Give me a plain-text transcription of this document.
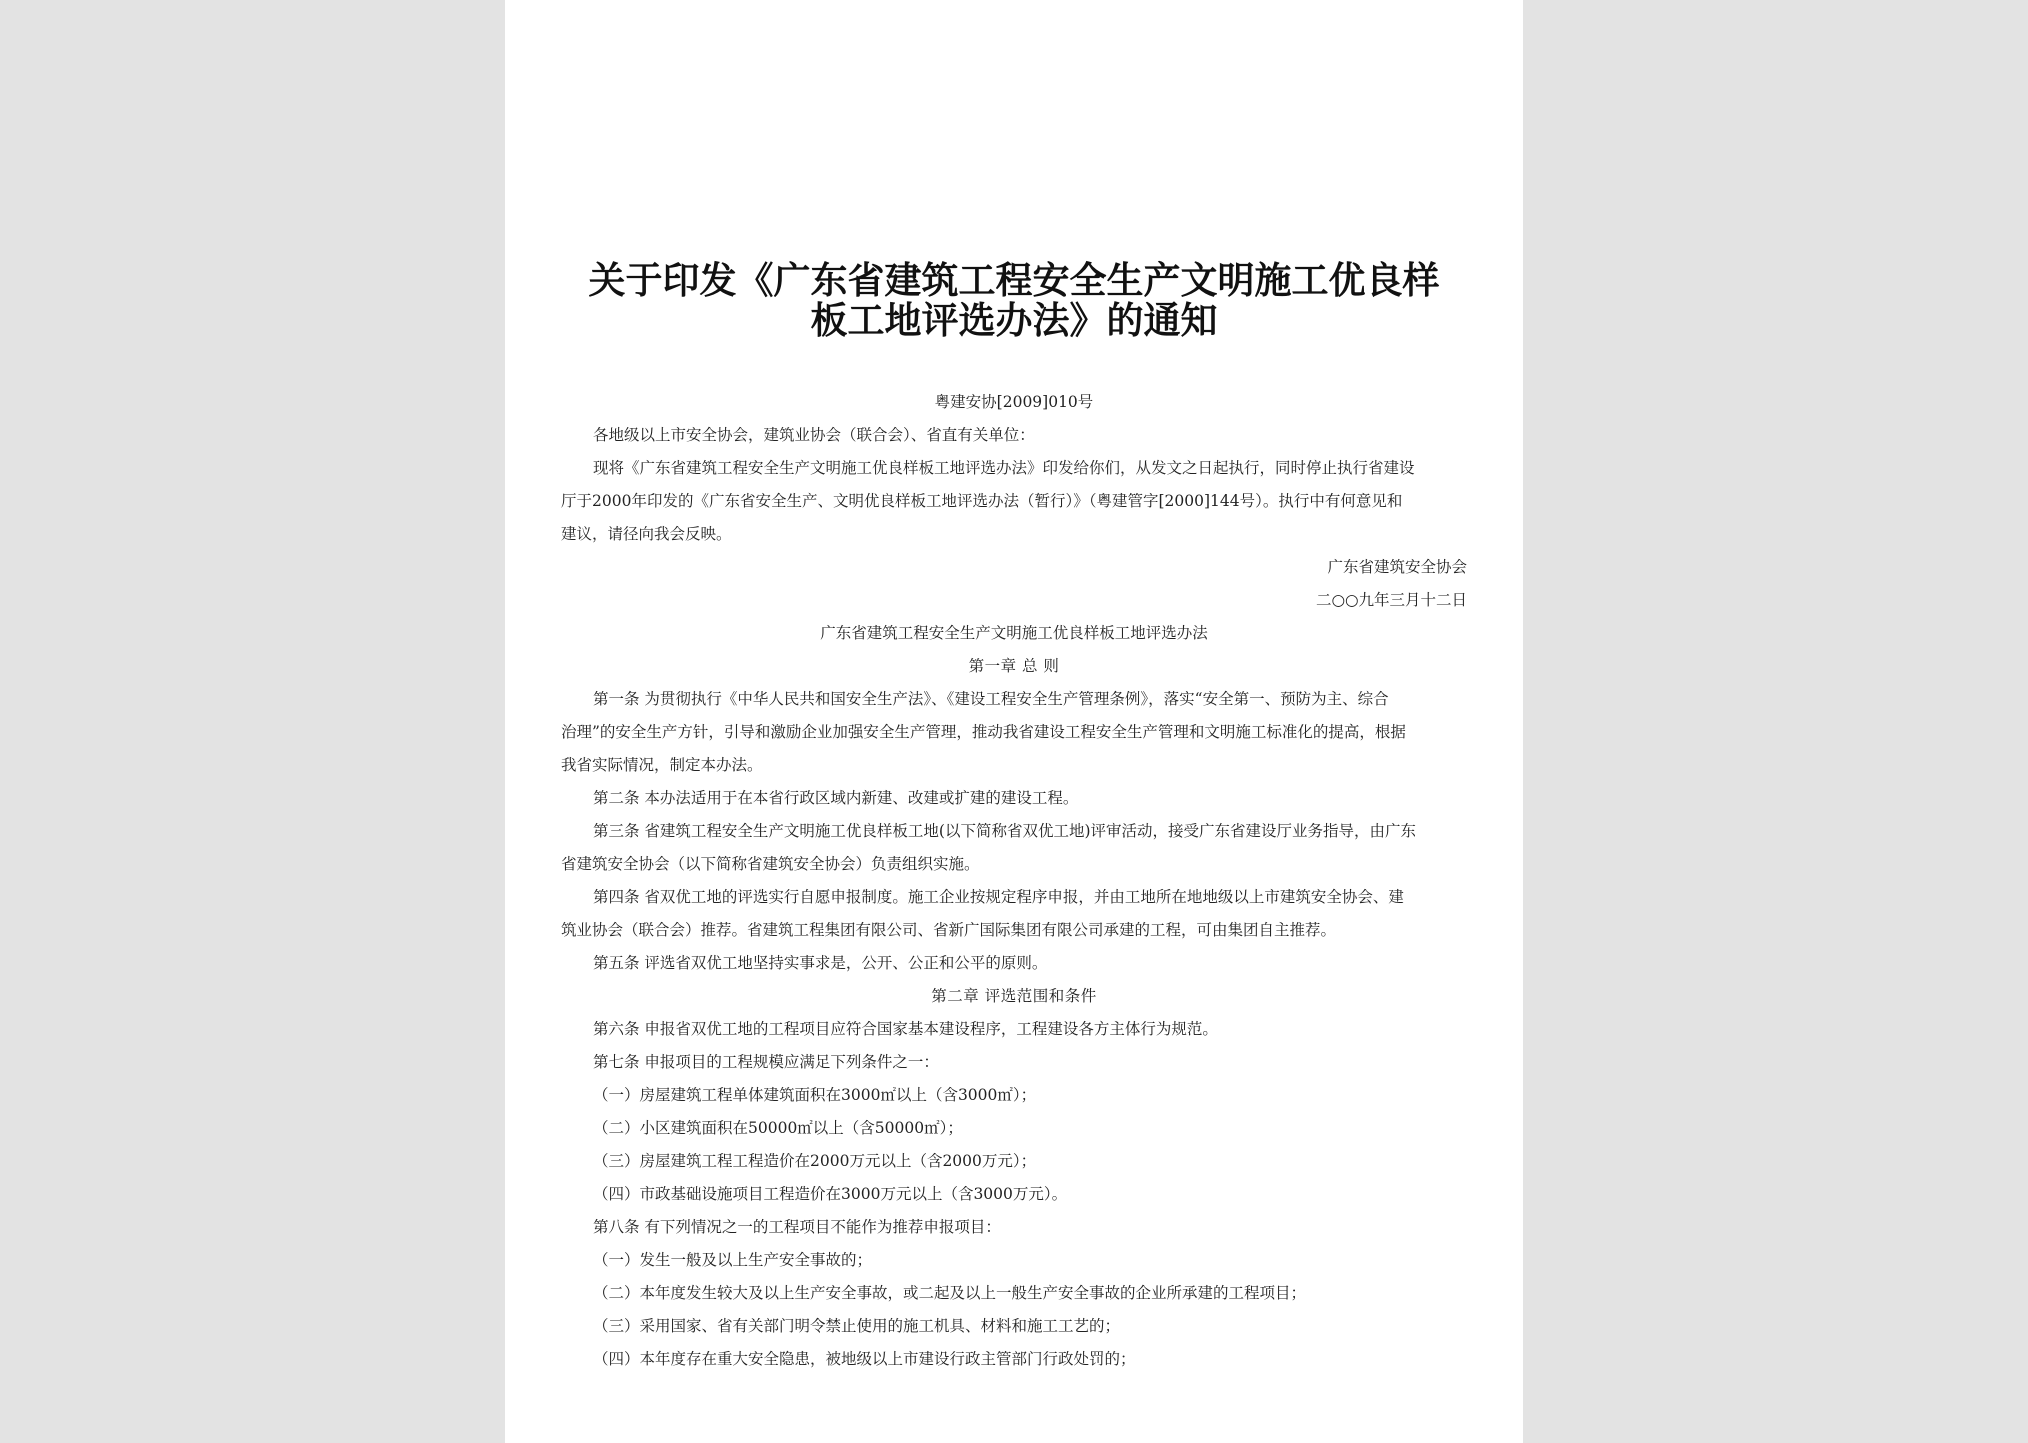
关于印发《广东省建筑工程安全生产文明施工优良样
板工地评选办法》的通知

粤建安协[2009]010号

各地级以上市安全协会，建筑业协会（联合会）、省直有关单位：

现将《广东省建筑工程安全生产文明施工优良样板工地评选办法》印发给你们，从发文之日起执行，同时停止执行省建设

厅于2000年印发的《广东省安全生产、文明优良样板工地评选办法（暂行）》（粤建管字[2000]144号）。执行中有何意见和

建议，请径向我会反映。

广东省建筑安全协会

二○○九年三月十二日

广东省建筑工程安全生产文明施工优良样板工地评选办法

第一章 总 则

第一条 为贯彻执行《中华人民共和国安全生产法》、《建设工程安全生产管理条例》，落实“安全第一、预防为主、综合

治理”的安全生产方针，引导和激励企业加强安全生产管理，推动我省建设工程安全生产管理和文明施工标准化的提高，根据

我省实际情况，制定本办法。

第二条 本办法适用于在本省行政区域内新建、改建或扩建的建设工程。

第三条 省建筑工程安全生产文明施工优良样板工地(以下简称省双优工地)评审活动，接受广东省建设厅业务指导，由广东

省建筑安全协会（以下简称省建筑安全协会）负责组织实施。

第四条 省双优工地的评选实行自愿申报制度。施工企业按规定程序申报，并由工地所在地地级以上市建筑安全协会、建

筑业协会（联合会）推荐。省建筑工程集团有限公司、省新广国际集团有限公司承建的工程，可由集团自主推荐。

第五条 评选省双优工地坚持实事求是，公开、公正和公平的原则。

第二章 评选范围和条件

第六条 申报省双优工地的工程项目应符合国家基本建设程序，工程建设各方主体行为规范。

第七条 申报项目的工程规模应满足下列条件之一：

（一）房屋建筑工程单体建筑面积在3000㎡以上（含3000㎡）；

（二）小区建筑面积在50000㎡以上（含50000㎡）；

（三）房屋建筑工程工程造价在2000万元以上（含2000万元）；

（四）市政基础设施项目工程造价在3000万元以上（含3000万元）。

第八条 有下列情况之一的工程项目不能作为推荐申报项目：

（一）发生一般及以上生产安全事故的；

（二）本年度发生较大及以上生产安全事故，或二起及以上一般生产安全事故的企业所承建的工程项目；

（三）采用国家、省有关部门明令禁止使用的施工机具、材料和施工工艺的；

（四）本年度存在重大安全隐患，被地级以上市建设行政主管部门行政处罚的；
